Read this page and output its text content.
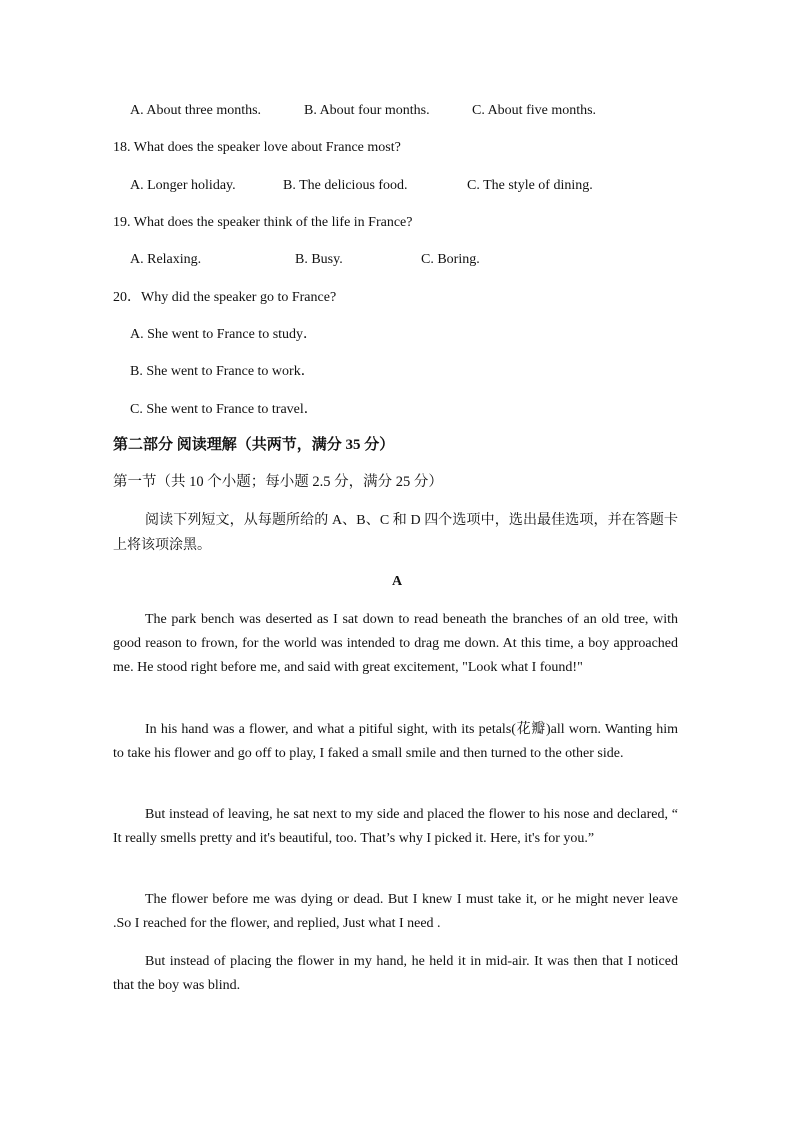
A. About three months.	B. About four months.	C. About five months.
18. What does the speaker love about France most?
A. Longer holiday.	B. The delicious food.	C. The style of dining.
19. What does the speaker think of the life in France?
A. Relaxing.	B. Busy.	C. Boring.
20．Why did the speaker go to France?
A. She went to France to study．
B. She went to France to work．
C. She went to France to travel．
第二部分 阅读理解（共两节，满分 35 分）
第一节（共 10 个小题；每小题 2.5 分，满分 25 分）
阅读下列短文，从每题所给的 A、B、C 和 D 四个选项中，选出最佳选项，并在答题卡上将该项涂黑。
A
The park bench was deserted as I sat down to read beneath the branches of an old tree, with good reason to frown, for the world was intended to drag me down. At this time, a boy approached me. He stood right before me, and said with great excitement, "Look what I found!"
In his hand was a flower, and what a pitiful sight, with its petals(花瓣)all worn. Wanting him to take his flower and go off to play, I faked a small smile and then turned to the other side.
But instead of leaving, he sat next to my side and placed the flower to his nose and declared, “ It really smells pretty and it's beautiful, too. That’s why I picked it. Here, it's for you.”
The flower before me was dying or dead. But I knew I must take it, or he might never leave .So I reached for the flower, and replied, Just what I need .
But instead of placing the flower in my hand, he held it in mid-air. It was then that I noticed that the boy was blind.
